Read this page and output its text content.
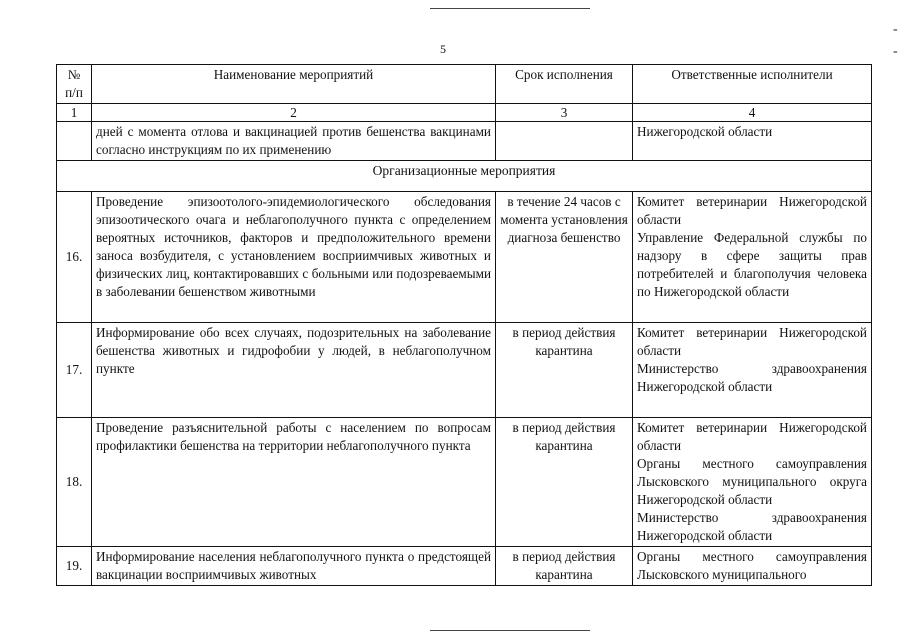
-
-
5
№ п/п	Наименование мероприятий	Срок исполнения	Ответственные исполнители
1	2	3	4
	дней с момента отлова и вакцинацией против бешенства вакцинами согласно инструкциям по их применению		Нижегородской области
Организационные мероприятия			
16.	Проведение эпизоотолого-эпидемиологического обследования эпизоотического очага и неблагополучного пункта с определением вероятных источников, факторов и предположительного времени заноса возбудителя, с установлением восприимчивых животных и физических лиц, контактировавших с больными или подозреваемыми в заболевании бешенством животными	в течение 24 часов с момента установления диагноза бешенство	Комитет ветеринарии Нижегородской области
Управление Федеральной службы по надзору в сфере защиты прав потребителей и благополучия человека по Нижегородской области

17.	Информирование обо всех случаях, подозрительных на заболевание бешенства животных и гидрофобии у людей, в неблагополучном пункте	в период действия карантина	Комитет ветеринарии Нижегородской области
Министерство здравоохранения Нижегородской области

18.	Проведение разъяснительной работы с населением по вопросам профилактики бешенства на территории неблагополучного пункта	в период действия карантина	Комитет ветеринарии Нижегородской области
Органы местного самоуправления Лысковского муниципального округа Нижегородской области
Министерство здравоохранения Нижегородской области

19.	Информирование населения неблагополучного пункта о предстоящей вакцинации восприимчивых животных	в период действия карантина	Органы местного самоуправления Лысковского муниципального
